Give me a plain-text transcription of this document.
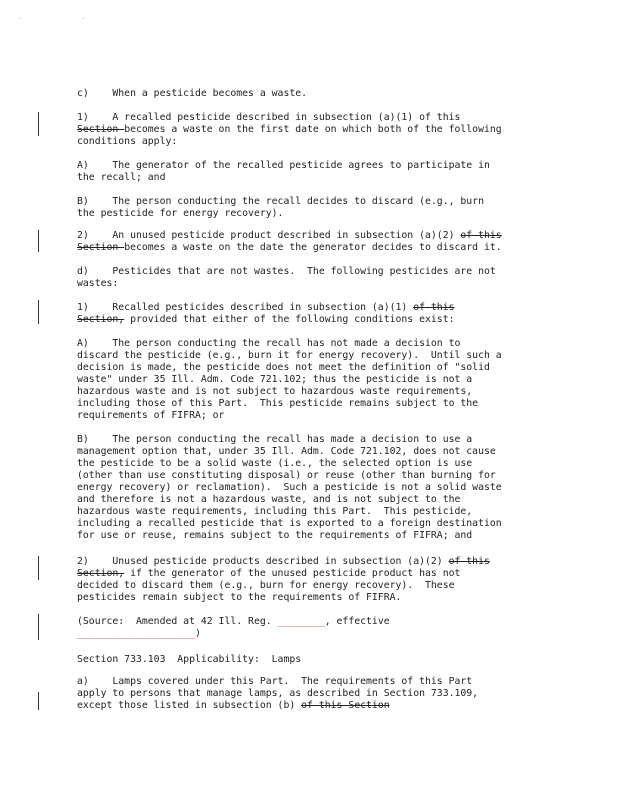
. .

c)    When a pesticide becomes a waste.

1)    A recalled pesticide described in subsection (a)(1) of this

Section becomes a waste on the first date on which both of the following

conditions apply:

A)    The generator of the recalled pesticide agrees to participate in

the recall; and

B)    The person conducting the recall decides to discard (e.g., burn

the pesticide for energy recovery).

2)    An unused pesticide product described in subsection (a)(2) of this

Section becomes a waste on the date the generator decides to discard it.

d)    Pesticides that are not wastes.  The following pesticides are not

wastes:

1)    Recalled pesticides described in subsection (a)(1) of this

Section, provided that either of the following conditions exist:

A)    The person conducting the recall has not made a decision to

discard the pesticide (e.g., burn it for energy recovery).  Until such a

decision is made, the pesticide does not meet the definition of "solid

waste" under 35 Ill. Adm. Code 721.102; thus the pesticide is not a

hazardous waste and is not subject to hazardous waste requirements,

including those of this Part.  This pesticide remains subject to the

requirements of FIFRA; or

B)    The person conducting the recall has made a decision to use a

management option that, under 35 Ill. Adm. Code 721.102, does not cause

the pesticide to be a solid waste (i.e., the selected option is use

(other than use constituting disposal) or reuse (other than burning for

energy recovery) or reclamation).  Such a pesticide is not a solid waste

and therefore is not a hazardous waste, and is not subject to the

hazardous waste requirements, including this Part.  This pesticide,

including a recalled pesticide that is exported to a foreign destination

for use or reuse, remains subject to the requirements of FIFRA; and

2)    Unused pesticide products described in subsection (a)(2) of this

Section, if the generator of the unused pesticide product has not

decided to discard them (e.g., burn for energy recovery).  These

pesticides remain subject to the requirements of FIFRA.

(Source:  Amended at 42 Ill. Reg. ________, effective

____________________)

Section 733.103  Applicability:  Lamps

a)    Lamps covered under this Part.  The requirements of this Part

apply to persons that manage lamps, as described in Section 733.109,

except those listed in subsection (b) of this Section
